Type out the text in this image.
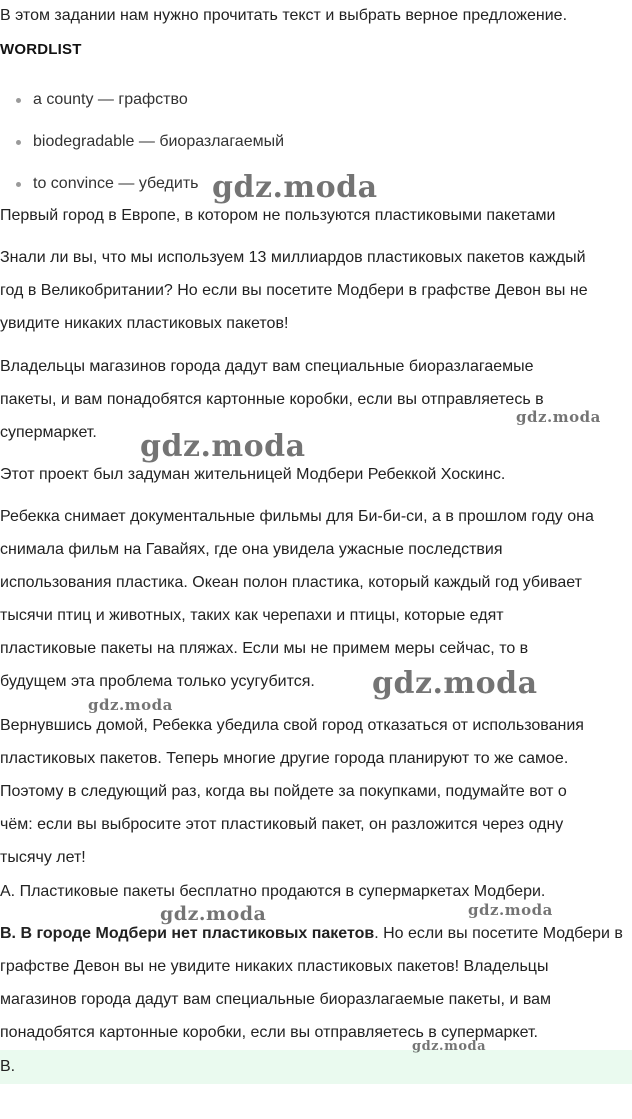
В этом задании нам нужно прочитать текст и выбрать верное предложение.

WORDLIST
a county — графство
biodegradable — биоразлагаемый
to convince — убедить
Первый город в Европе, в котором не пользуются пластиковыми пакетами
Знали ли вы, что мы используем 13 миллиардов пластиковых пакетов каждый
год в Великобритании? Но если вы посетите Модбери в графстве Девон вы не
увидите никаких пластиковых пакетов!
Владельцы магазинов города дадут вам специальные биоразлагаемые
пакеты, и вам понадобятся картонные коробки, если вы отправляетесь в
супермаркет.
Этот проект был задуман жительницей Модбери Ребеккой Хоскинс.
Ребекка снимает документальные фильмы для Би-би-си, а в прошлом году она
снимала фильм на Гавайях, где она увидела ужасные последствия
использования пластика. Океан полон пластика, который каждый год убивает
тысячи птиц и животных, таких как черепахи и птицы, которые едят
пластиковые пакеты на пляжах. Если мы не примем меры сейчас, то в
будущем эта проблема только усугубится.
Вернувшись домой, Ребекка убедила свой город отказаться от использования
пластиковых пакетов. Теперь многие другие города планируют то же самое.
Поэтому в следующий раз, когда вы пойдете за покупками, подумайте вот о
чём: если вы выбросите этот пластиковый пакет, он разложится через одну
тысячу лет!
A. Пластиковые пакеты бесплатно продаются в супермаркетах Модбери.
B. В городе Модбери нет пластиковых пакетов. Но если вы посетите Модбери в
графстве Девон вы не увидите никаких пластиковых пакетов! Владельцы
магазинов города дадут вам специальные биоразлагаемые пакеты, и вам
понадобятся картонные коробки, если вы отправляетесь в супермаркет.
B.
gdz.moda
gdz.moda
gdz.moda
gdz.moda
gdz.moda
gdz.moda	gdz.moda
gdz.moda
